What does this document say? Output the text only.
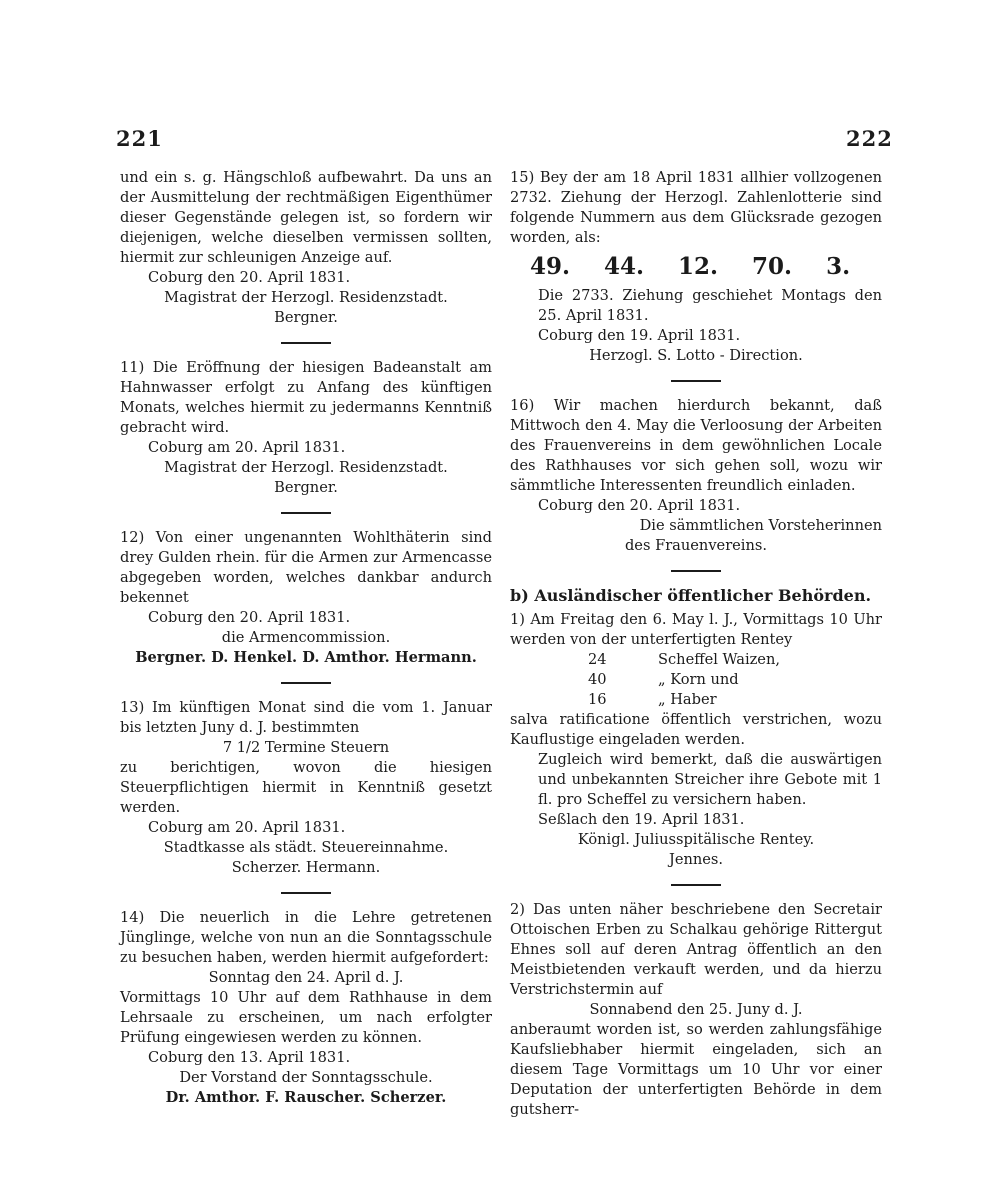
221	222

und ein s. g. Hängschloß aufbewahrt. Da uns an der Ausmittelung der rechtmäßigen Eigenthümer dieser Gegenstände gelegen ist, so fordern wir diejenigen, welche dieselben vermissen sollten, hiermit zur schleunigen Anzeige auf.

Coburg den 20. April 1831.

Magistrat der Herzogl. Residenzstadt.

Bergner.

11) Die Eröffnung der hiesigen Badeanstalt am Hahnwasser erfolgt zu Anfang des künftigen Monats, welches hiermit zu jedermanns Kenntniß gebracht wird.

Coburg am 20. April 1831.

Magistrat der Herzogl. Residenzstadt.

Bergner.

12) Von einer ungenannten Wohlthäterin sind drey Gulden rhein. für die Armen zur Armencasse abgegeben worden, welches dankbar andurch bekennet

Coburg den 20. April 1831.

die Armencommission.

Bergner. D. Henkel. D. Amthor. Hermann.

13) Im künftigen Monat sind die vom 1. Januar bis letzten Juny d. J. bestimmten

7 1/2 Termine Steuern

zu berichtigen, wovon die hiesigen Steuerpflichtigen hiermit in Kenntniß gesetzt werden.

Coburg am 20. April 1831.

Stadtkasse als städt. Steuereinnahme.

Scherzer. Hermann.

14) Die neuerlich in die Lehre getretenen Jünglinge, welche von nun an die Sonntagsschule zu besuchen haben, werden hiermit aufgefordert:

Sonntag den 24. April d. J.

Vormittags 10 Uhr auf dem Rathhause in dem Lehrsaale zu erscheinen, um nach erfolgter Prüfung eingewiesen werden zu können.

Coburg den 13. April 1831.

Der Vorstand der Sonntagsschule.

Dr. Amthor. F. Rauscher. Scherzer.

15) Bey der am 18 April 1831 allhier vollzogenen 2732. Ziehung der Herzogl. Zahlenlotterie sind folgende Nummern aus dem Glücksrade gezogen worden, als:

49. 44. 12. 70. 3.

Die 2733. Ziehung geschiehet Montags den 25. April 1831.

Coburg den 19. April 1831.

Herzogl. S. Lotto - Direction.

16) Wir machen hierdurch bekannt, daß Mittwoch den 4. May die Verloosung der Arbeiten des Frauenvereins in dem gewöhnlichen Locale des Rathhauses vor sich gehen soll, wozu wir sämmtliche Interessenten freundlich einladen.

Coburg den 20. April 1831.

Die sämmtlichen Vorsteherinnen

des Frauenvereins.

b) Ausländischer öffentlicher Behörden.

1) Am Freitag den 6. May l. J., Vormittags 10 Uhr werden von der unterfertigten Rentey

24	Scheffel Waizen,
40	„ Korn und
16	„ Haber

salva ratificatione öffentlich verstrichen, wozu Kauflustige eingeladen werden.

Zugleich wird bemerkt, daß die auswärtigen und unbekannten Streicher ihre Gebote mit 1 fl. pro Scheffel zu versichern haben.

Seßlach den 19. April 1831.

Königl. Juliusspitälische Rentey.

Jennes.

2) Das unten näher beschriebene den Secretair Ottoischen Erben zu Schalkau gehörige Rittergut Ehnes soll auf deren Antrag öffentlich an den Meistbietenden verkauft werden, und da hierzu Verstrichstermin auf

Sonnabend den 25. Juny d. J.

anberaumt worden ist, so werden zahlungsfähige Kaufsliebhaber hiermit eingeladen, sich an diesem Tage Vormittags um 10 Uhr vor einer Deputation der unterfertigten Behörde in dem gutsherr-
